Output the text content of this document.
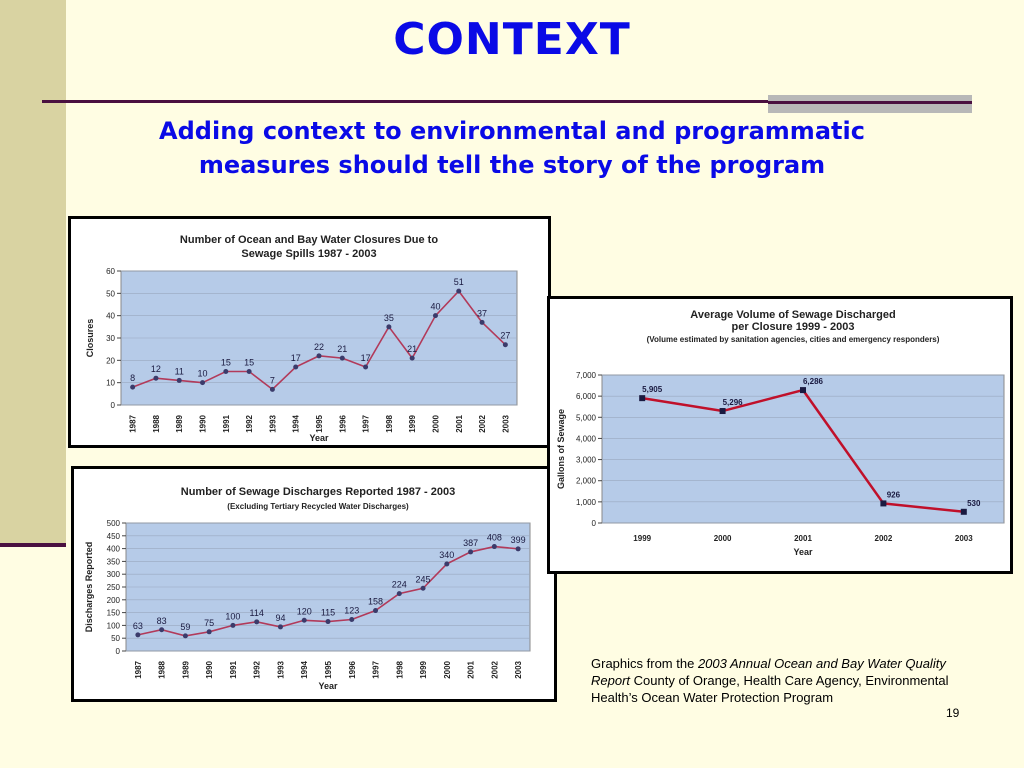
CONTEXT
Adding context to environmental and programmatic
measures should tell the story of the program
Number of Ocean and Bay Water Closures Due to
Sewage Spills 1987 - 2003
0
10
20
30
40
50
60
1987 1988 1989 1990 1991 1992 1993 1994 1995 1996 1997 1998 1999 2000 2001 2002 2003
Year
Closures
8
12 11 10
15 15
7
17
22 21
17
35
21
40
51
37
27
Number of Sewage Discharges Reported 1987 - 2003
(Excluding Tertiary Recycled Water Discharges)
0
50
100
150
200
250
300
350
400
450
500
1987 1988 1989 1990 1991 1992 1993 1994 1995 1996 1997 1998 1999 2000 2001 2002 2003
Year
Discharges Reported	63
83
59 75
100 114
94
120 115 123
158
224
245
340
387
408 399
Average Volume of Sewage Discharged
per Closure 1999 - 2003
(Volume estimated by sanitation agencies, cities and emergency responders)
0
1,000
2,000
3,000
4,000
5,000
6,000
7,000
1999	2000	2001	2002	2003
Year
Gallons of Sewage
5,905
5,296
6,286
926
530
Graphics from the 2003 Annual Ocean and Bay Water Quality Report County of Orange, Health Care Agency, Environmental Health’s Ocean Water Protection Program
19
